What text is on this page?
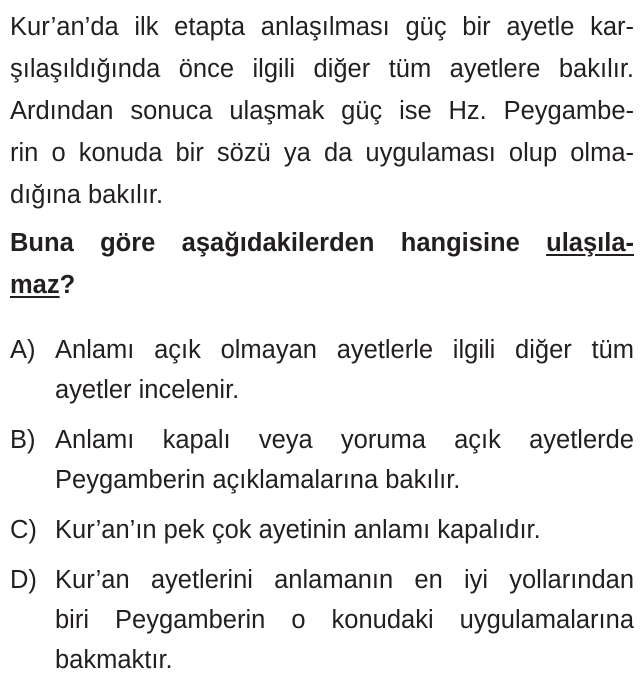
Kur’an’da ilk etapta anlaşılması güç bir ayetle kar-
şılaşıldığında önce ilgili diğer tüm ayetlere bakılır.
Ardından sonuca ulaşmak güç ise Hz. Peygambe-
rin o konuda bir sözü ya da uygulaması olup olma-
dığına bakılır.
Buna göre aşağıdakilerden hangisine ulaşıla-
maz?
A) Anlamı açık olmayan ayetlerle ilgili diğer tüm
ayetler incelenir.
B) Anlamı kapalı veya yoruma açık ayetlerde
Peygamberin açıklamalarına bakılır.
C) Kur’an’ın pek çok ayetinin anlamı kapalıdır.
D) Kur’an ayetlerini anlamanın en iyi yollarından
biri Peygamberin o konudaki uygulamalarına
bakmaktır.
